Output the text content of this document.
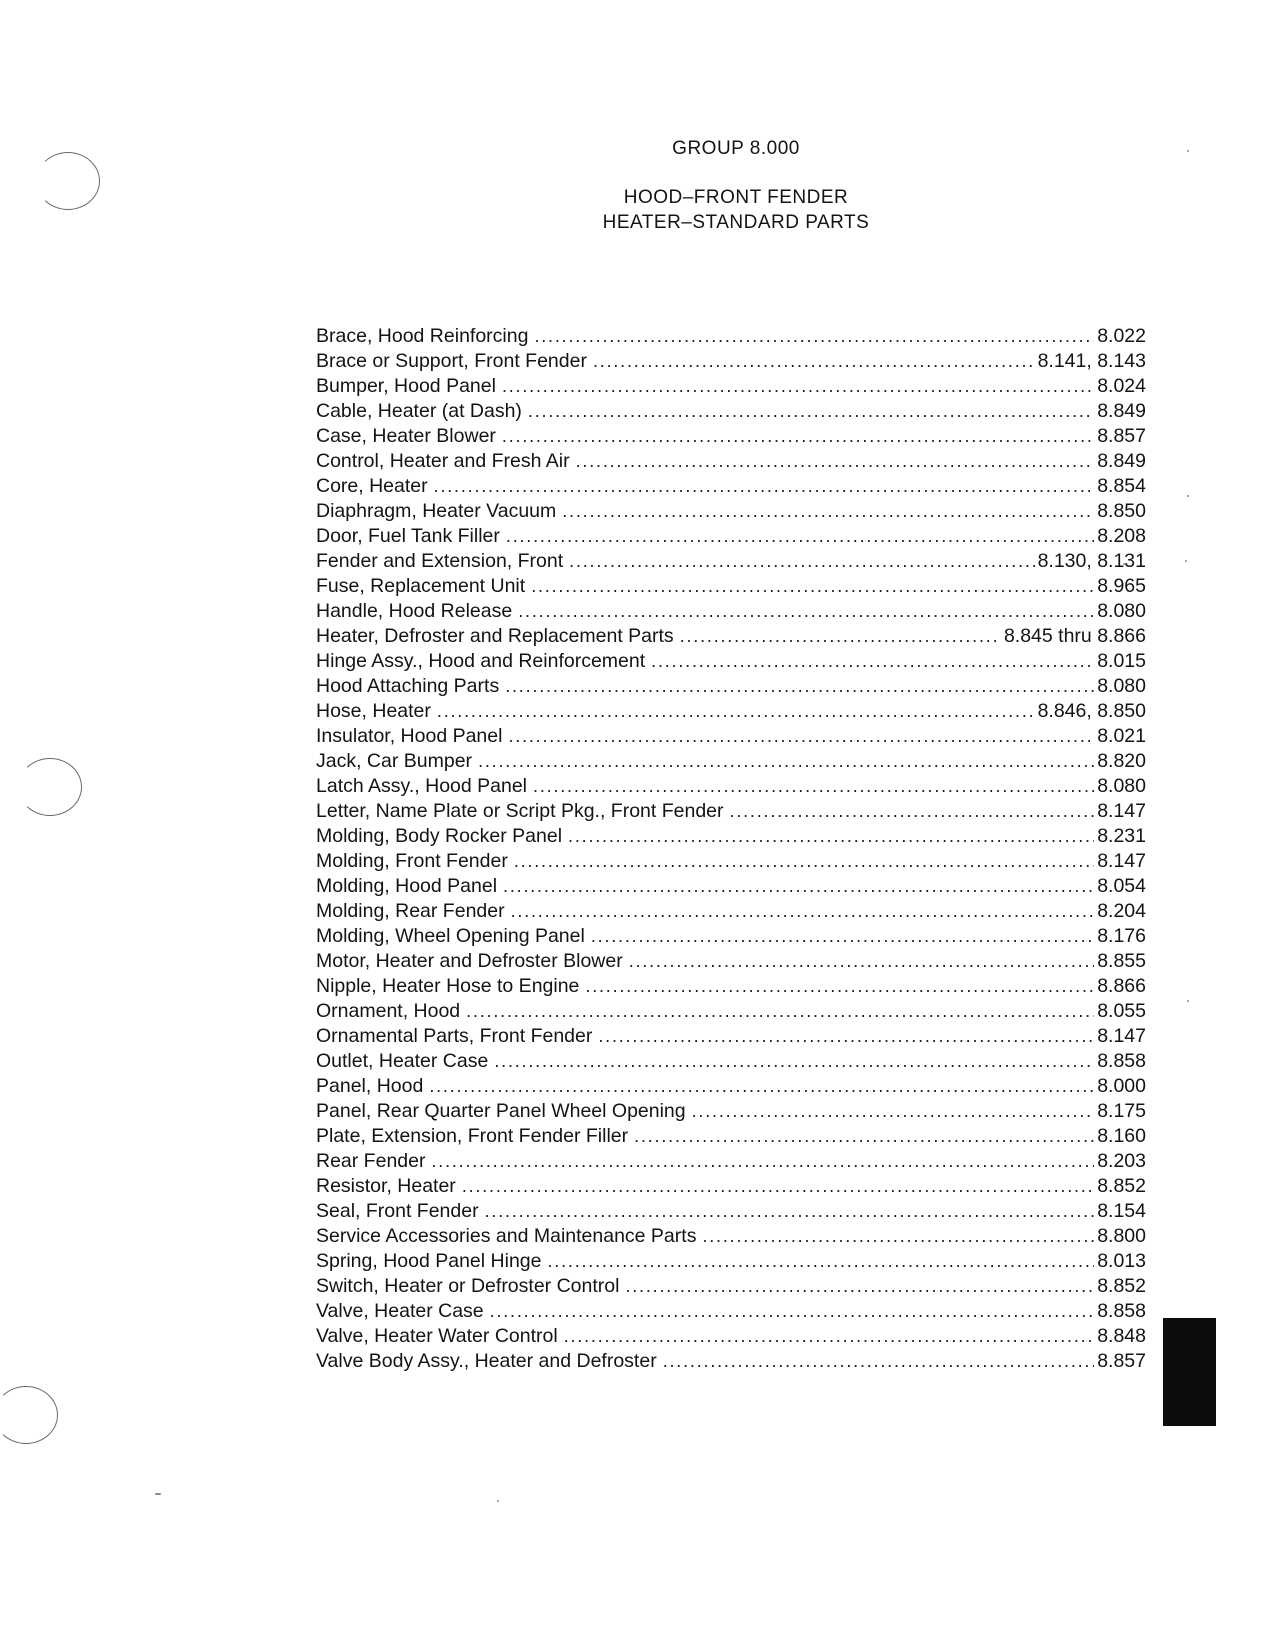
GROUP 8.000
HOOD–FRONT FENDER
HEATER–STANDARD PARTS
Brace, Hood Reinforcing . . .	8.022
Brace or Support, Front Fender . . .	8.141, 8.143
Bumper, Hood Panel . . .	8.024
Cable, Heater (at Dash) . . .	8.849
Case, Heater Blower . . .	8.857
Control, Heater and Fresh Air . . .	8.849
Core, Heater . . .	8.854
Diaphragm, Heater Vacuum . . .	8.850
Door, Fuel Tank Filler . . .	8.208
Fender and Extension, Front . . .	8.130, 8.131
Fuse, Replacement Unit . . .	8.965
Handle, Hood Release . . .	8.080
Heater, Defroster and Replacement Parts . . .	8.845 thru 8.866
Hinge Assy., Hood and Reinforcement . . .	8.015
Hood Attaching Parts . . .	8.080
Hose, Heater . . .	8.846, 8.850
Insulator, Hood Panel . . .	8.021
Jack, Car Bumper . . .	8.820
Latch Assy., Hood Panel . . .	8.080
Letter, Name Plate or Script Pkg., Front Fender . . .	8.147
Molding, Body Rocker Panel . . .	8.231
Molding, Front Fender . . .	8.147
Molding, Hood Panel . . .	8.054
Molding, Rear Fender . . .	8.204
Molding, Wheel Opening Panel . . .	8.176
Motor, Heater and Defroster Blower . . .	8.855
Nipple, Heater Hose to Engine . . .	8.866
Ornament, Hood . . .	8.055
Ornamental Parts, Front Fender . . .	8.147
Outlet, Heater Case . . .	8.858
Panel, Hood . . .	8.000
Panel, Rear Quarter Panel Wheel Opening . . .	8.175
Plate, Extension, Front Fender Filler . . .	8.160
Rear Fender . . .	8.203
Resistor, Heater . . .	8.852
Seal, Front Fender . . .	8.154
Service Accessories and Maintenance Parts . . .	8.800
Spring, Hood Panel Hinge . . .	8.013
Switch, Heater or Defroster Control . . .	8.852
Valve, Heater Case . . .	8.858
Valve, Heater Water Control . . .	8.848
Valve Body Assy., Heater and Defroster . . .	8.857
